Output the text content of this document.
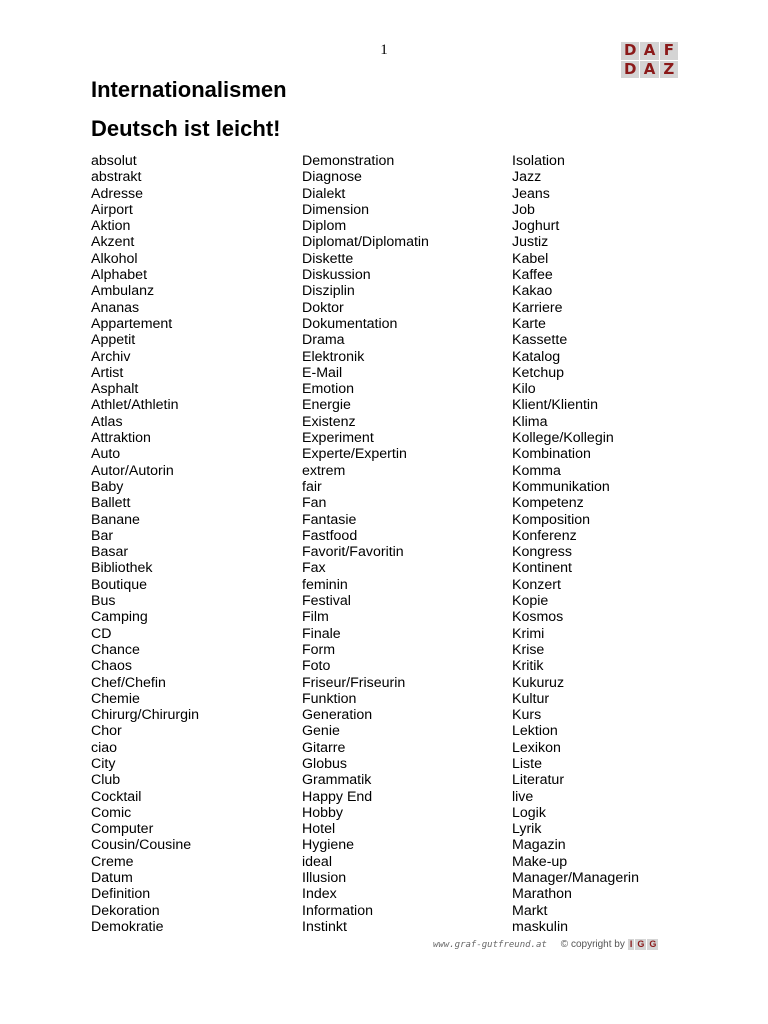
1	D A F
D A Z
Internationalismen
Deutsch ist leicht!
absolut
abstrakt
Adresse
Airport
Aktion
Akzent
Alkohol
Alphabet
Ambulanz
Ananas
Appartement
Appetit
Archiv
Artist
Asphalt
Athlet/Athletin
Atlas
Attraktion
Auto
Autor/Autorin
Baby
Ballett
Banane
Bar
Basar
Bibliothek
Boutique
Bus
Camping
CD
Chance
Chaos
Chef/Chefin
Chemie
Chirurg/Chirurgin
Chor
ciao
City
Club
Cocktail
Comic
Computer
Cousin/Cousine
Creme
Datum
Definition
Dekoration
Demokratie
Demonstration
Diagnose
Dialekt
Dimension
Diplom
Diplomat/Diplomatin
Diskette
Diskussion
Disziplin
Doktor
Dokumentation
Drama
Elektronik
E-Mail
Emotion
Energie
Existenz
Experiment
Experte/Expertin
extrem
fair
Fan
Fantasie
Fastfood
Favorit/Favoritin
Fax
feminin
Festival
Film
Finale
Form
Foto
Friseur/Friseurin
Funktion
Generation
Genie
Gitarre
Globus
Grammatik
Happy End
Hobby
Hotel
Hygiene
ideal
Illusion
Index
Information
Instinkt
Isolation
Jazz
Jeans
Job
Joghurt
Justiz
Kabel
Kaffee
Kakao
Karriere
Karte
Kassette
Katalog
Ketchup
Kilo
Klient/Klientin
Klima
Kollege/Kollegin
Kombination
Komma
Kommunikation
Kompetenz
Komposition
Konferenz
Kongress
Kontinent
Konzert
Kopie
Kosmos
Krimi
Krise
Kritik
Kukuruz
Kultur
Kurs
Lektion
Lexikon
Liste
Literatur
live
Logik
Lyrik
Magazin
Make-up
Manager/Managerin
Marathon
Markt
maskulin
www.graf-gutfreund.at © copyright by I G G
